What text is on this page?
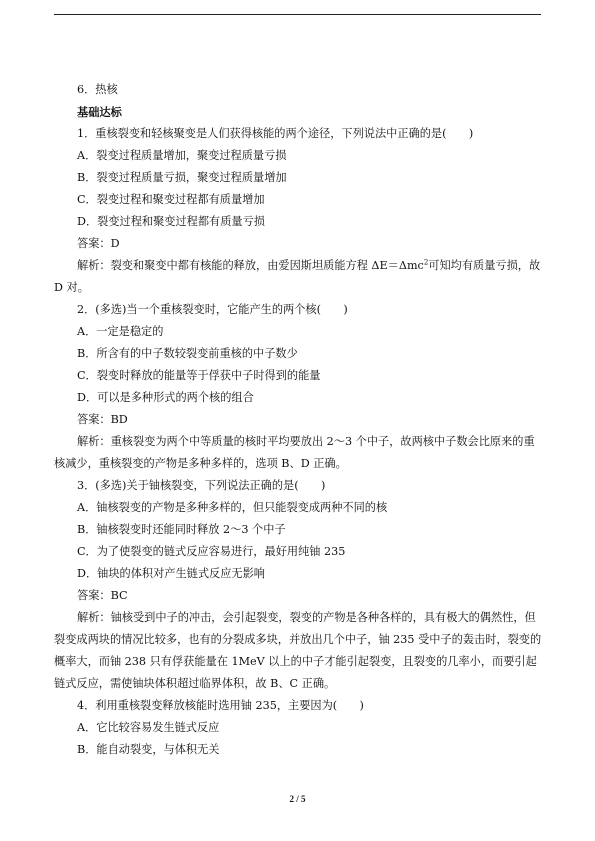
6．热核
基础达标
1．重核裂变和轻核聚变是人们获得核能的两个途径，下列说法中正确的是(　　)
A．裂变过程质量增加，聚变过程质量亏损
B．裂变过程质量亏损，聚变过程质量增加
C．裂变过程和聚变过程都有质量增加
D．裂变过程和聚变过程都有质量亏损
答案：D
解析：裂变和聚变中都有核能的释放，由爱因斯坦质能方程 ΔE＝Δmc$^2$可知均有质量亏损，故 D 对。
2．(多选)当一个重核裂变时，它能产生的两个核(　　)
A．一定是稳定的
B．所含有的中子数较裂变前重核的中子数少
C．裂变时释放的能量等于俘获中子时得到的能量
D．可以是多种形式的两个核的组合
答案：BD
解析：重核裂变为两个中等质量的核时平均要放出 2～3 个中子，故两核中子数会比原来的重核减少，重核裂变的产物是多种多样的，选项 B、D 正确。
3．(多选)关于铀核裂变，下列说法正确的是(　　)
A．铀核裂变的产物是多种多样的，但只能裂变成两种不同的核
B．铀核裂变时还能同时释放 2～3 个中子
C．为了使裂变的链式反应容易进行，最好用纯铀 235
D．铀块的体积对产生链式反应无影响
答案：BC
解析：铀核受到中子的冲击，会引起裂变，裂变的产物是各种各样的，具有极大的偶然性，但裂变成两块的情况比较多，也有的分裂成多块，并放出几个中子，铀 235 受中子的轰击时，裂变的概率大，而铀 238 只有俘获能量在 1MeV 以上的中子才能引起裂变，且裂变的几率小，而要引起链式反应，需使铀块体积超过临界体积，故 B、C 正确。
4．利用重核裂变释放核能时选用铀 235，主要因为(　　)
A．它比较容易发生链式反应
B．能自动裂变，与体积无关
2 / 5
